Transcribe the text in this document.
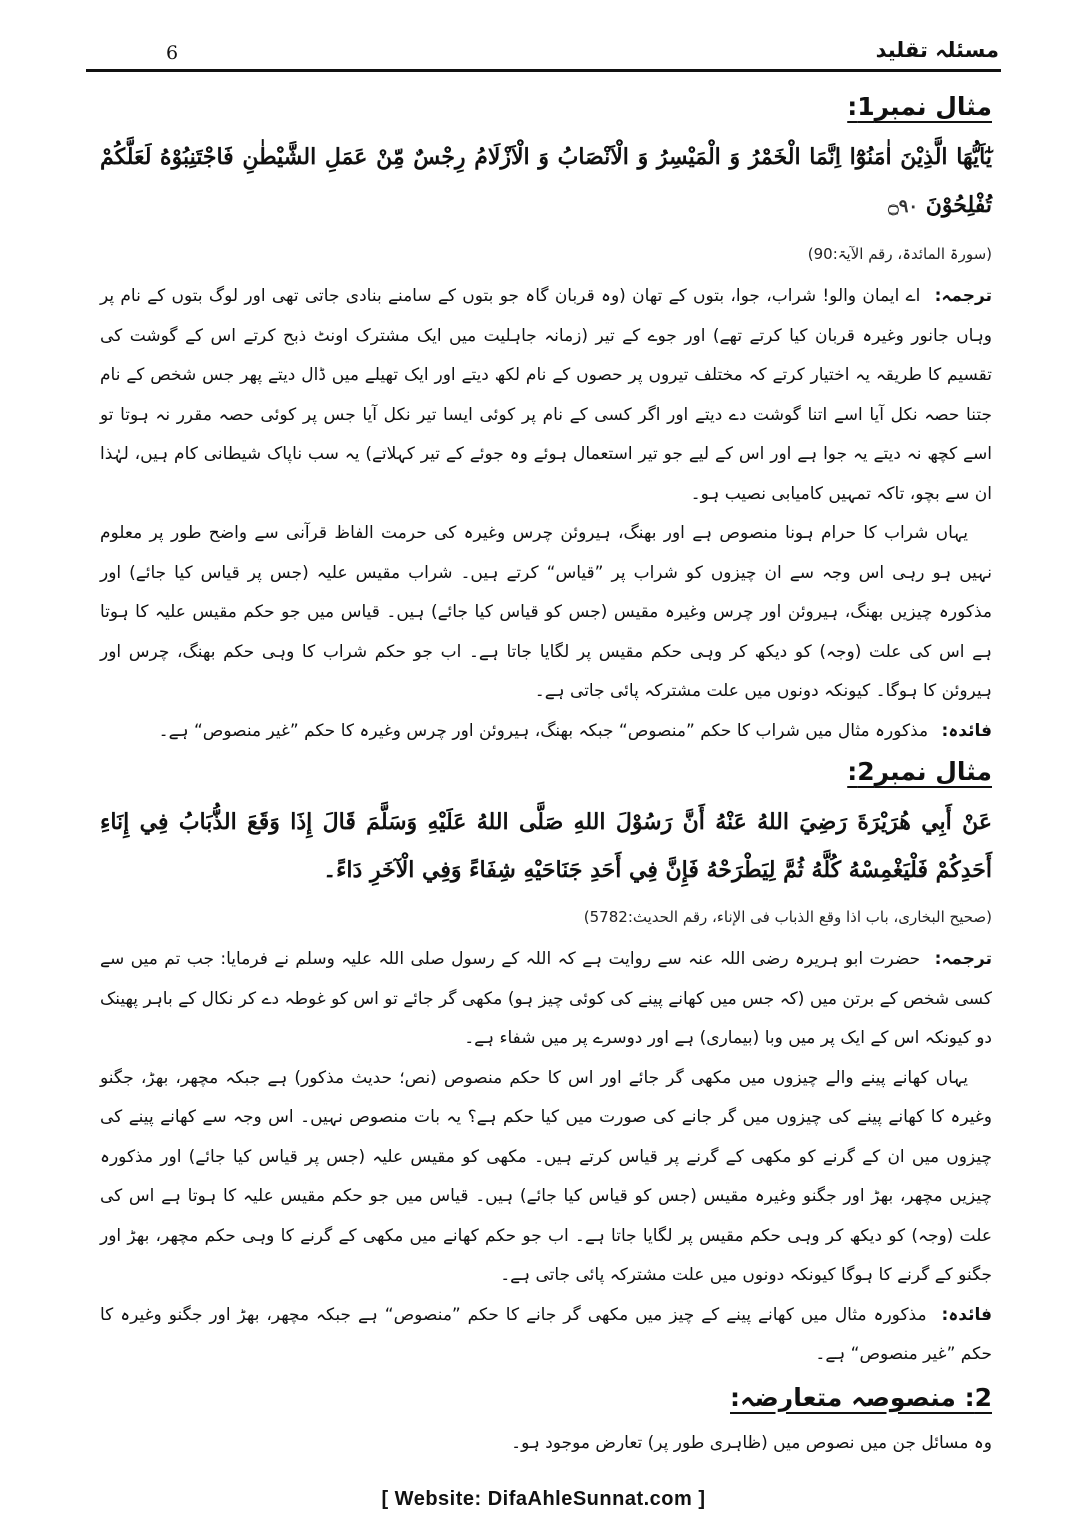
مسئلہ تقلید
6
مثال نمبر1:

يٰٓاَيُّهَا الَّذِيْنَ اٰمَنُوْٓا اِنَّمَا الْخَمْرُ وَ الْمَيْسِرُ وَ الْاَنْصَابُ وَ الْاَزْلَامُ رِجْسٌ مِّنْ عَمَلِ الشَّيْطٰنِ فَاجْتَنِبُوْهُ لَعَلَّكُمْ تُفْلِحُوْنَ ۝٩٠

(سورۃ المائدۃ، رقم الآیۃ:90)

ترجمہ: اے ایمان والو! شراب، جوا، بتوں کے تھان (وہ قربان گاہ جو بتوں کے سامنے بنادی جاتی تھی اور لوگ بتوں کے نام پر وہاں جانور وغیرہ قربان کیا کرتے تھے) اور جوے کے تیر (زمانہ جاہلیت میں ایک مشترک اونٹ ذبح کرتے اس کے گوشت کی تقسیم کا طریقہ یہ اختیار کرتے کہ مختلف تیروں پر حصوں کے نام لکھ دیتے اور ایک تھیلے میں ڈال دیتے پھر جس شخص کے نام جتنا حصہ نکل آیا اسے اتنا گوشت دے دیتے اور اگر کسی کے نام پر کوئی ایسا تیر نکل آیا جس پر کوئی حصہ مقرر نہ ہوتا تو اسے کچھ نہ دیتے یہ جوا ہے اور اس کے لیے جو تیر استعمال ہوئے وہ جوئے کے تیر کہلاتے) یہ سب ناپاک شیطانی کام ہیں، لہٰذا ان سے بچو، تاکہ تمہیں کامیابی نصیب ہو۔

یہاں شراب کا حرام ہونا منصوص ہے اور بھنگ، ہیروئن چرس وغیرہ کی حرمت الفاظ قرآنی سے واضح طور پر معلوم نہیں ہو رہی اس وجہ سے ان چیزوں کو شراب پر ”قیاس“ کرتے ہیں۔ شراب مقیس علیہ (جس پر قیاس کیا جائے) اور مذکورہ چیزیں بھنگ، ہیروئن اور چرس وغیرہ مقیس (جس کو قیاس کیا جائے) ہیں۔ قیاس میں جو حکم مقیس علیہ کا ہوتا ہے اس کی علت (وجہ) کو دیکھ کر وہی حکم مقیس پر لگایا جاتا ہے۔ اب جو حکم شراب کا وہی حکم بھنگ، چرس اور ہیروئن کا ہوگا۔ کیونکہ دونوں میں علت مشترکہ پائی جاتی ہے۔

فائدہ: مذکورہ مثال میں شراب کا حکم ”منصوص“ جبکہ بھنگ، ہیروئن اور چرس وغیرہ کا حکم ”غیر منصوص“ ہے۔

مثال نمبر2:

عَنْ أَبِي هُرَيْرَةَ رَضِيَ اللهُ عَنْهُ أَنَّ رَسُوْلَ اللهِ صَلَّى اللهُ عَلَيْهِ وَسَلَّمَ قَالَ إِذَا وَقَعَ الذُّبَابُ فِي إِنَاءِ أَحَدِكُمْ فَلْيَغْمِسْهُ كُلَّهُ ثُمَّ لِيَطْرَحْهُ فَإِنَّ فِي أَحَدِ جَنَاحَيْهِ شِفَاءً وَفِي الْآخَرِ دَاءً۔

(صحیح البخاری، باب اذا وقع الذباب فی الإناء، رقم الحدیث:5782)

ترجمہ: حضرت ابو ہریرہ رضی اللہ عنہ سے روایت ہے کہ اللہ کے رسول صلی اللہ علیہ وسلم نے فرمایا: جب تم میں سے کسی شخص کے برتن میں (کہ جس میں کھانے پینے کی کوئی چیز ہو) مکھی گر جائے تو اس کو غوطہ دے کر نکال کے باہر پھینک دو کیونکہ اس کے ایک پر میں وبا (بیماری) ہے اور دوسرے پر میں شفاء ہے۔

یہاں کھانے پینے والے چیزوں میں مکھی گر جائے اور اس کا حکم منصوص (نص؛ حدیث مذکور) ہے جبکہ مچھر، بھڑ، جگنو وغیرہ کا کھانے پینے کی چیزوں میں گر جانے کی صورت میں کیا حکم ہے؟ یہ بات منصوص نہیں۔ اس وجہ سے کھانے پینے کی چیزوں میں ان کے گرنے کو مکھی کے گرنے پر قیاس کرتے ہیں۔ مکھی کو مقیس علیہ (جس پر قیاس کیا جائے) اور مذکورہ چیزیں مچھر، بھڑ اور جگنو وغیرہ مقیس (جس کو قیاس کیا جائے) ہیں۔ قیاس میں جو حکم مقیس علیہ کا ہوتا ہے اس کی علت (وجہ) کو دیکھ کر وہی حکم مقیس پر لگایا جاتا ہے۔ اب جو حکم کھانے میں مکھی کے گرنے کا وہی حکم مچھر، بھڑ اور جگنو کے گرنے کا ہوگا کیونکہ دونوں میں علت مشترکہ پائی جاتی ہے۔

فائدہ: مذکورہ مثال میں کھانے پینے کے چیز میں مکھی گر جانے کا حکم ”منصوص“ ہے جبکہ مچھر، بھڑ اور جگنو وغیرہ کا حکم ”غیر منصوص“ ہے۔

2: منصوصہ متعارضہ:

وہ مسائل جن میں نصوص میں (ظاہری طور پر) تعارض موجود ہو۔

[ Website: DifaAhleSunnat.com ]
